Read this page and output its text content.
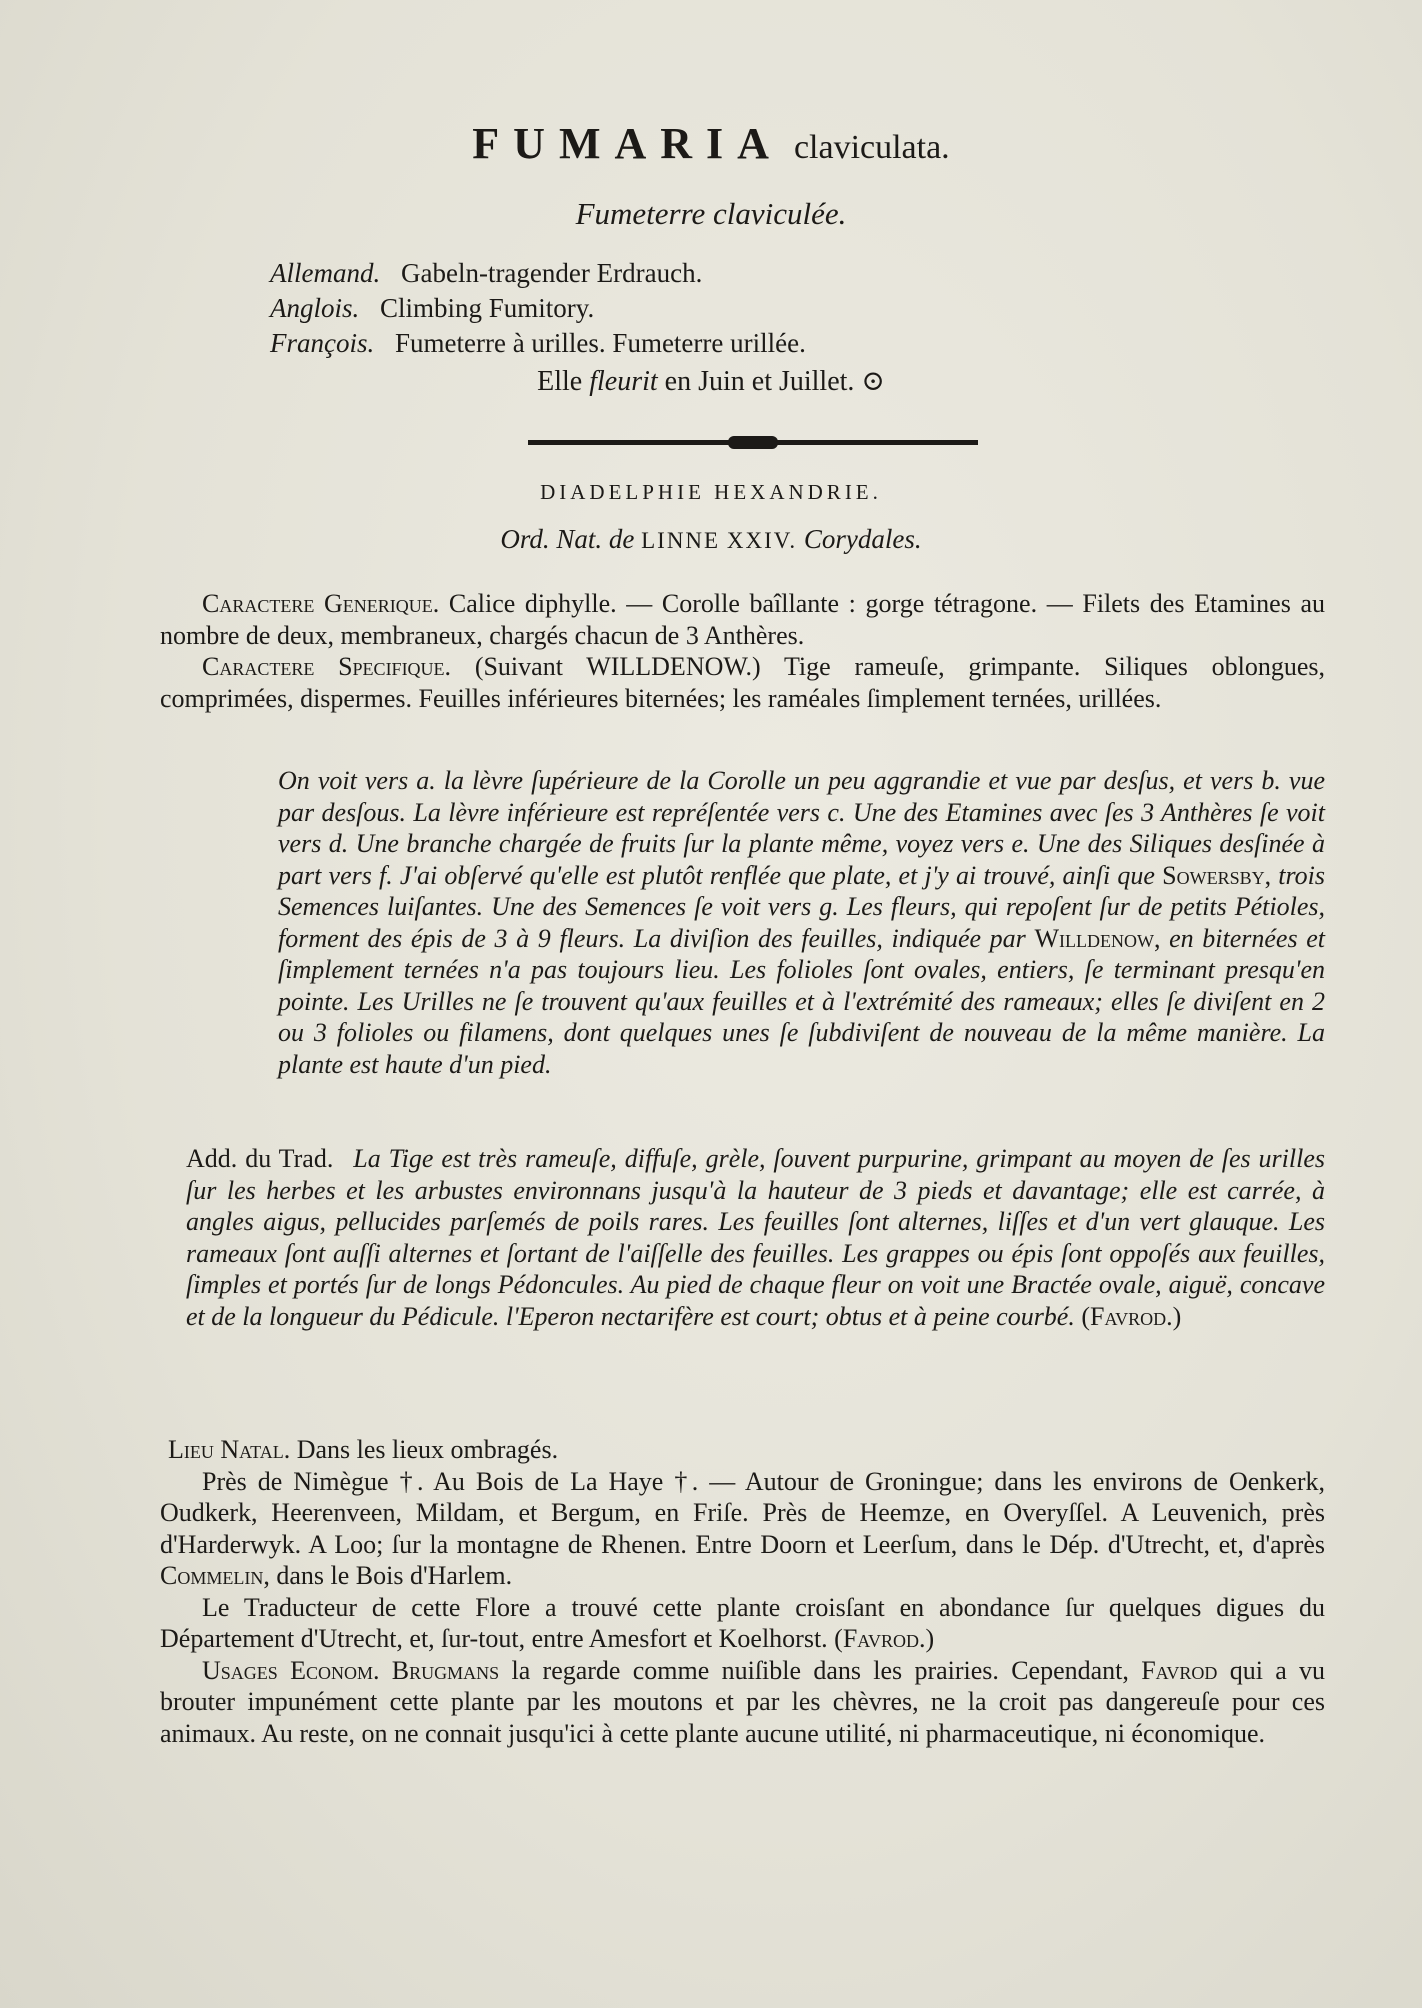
FUMARIA claviculata.
Fumeterre claviculée.
Allemand. Gabeln-tragender Erdrauch.
Anglois. Climbing Fumitory.
François. Fumeterre à urilles. Fumeterre urillée.
Elle fleurit en Juin et Juillet. ⊙
DIADELPHIE HEXANDRIE.
Ord. Nat. de LINNE XXIV. Corydales.

Caractere Generique. Calice diphylle. — Corolle baîllante : gorge tétragone. — Filets des Etamines au nombre de deux, membraneux, chargés chacun de 3 Anthères.

Caractere Specifique. (Suivant WILLDENOW.) Tige rameuſe, grimpante. Siliques oblongues, comprimées, dispermes. Feuilles inférieures biternées; les raméales ſimplement ternées, urillées.

On voit vers a. la lèvre ſupérieure de la Corolle un peu aggrandie et vue par desſus, et vers b. vue par desſous. La lèvre inférieure est repréſentée vers c. Une des Etamines avec ſes 3 Anthères ſe voit vers d. Une branche chargée de fruits ſur la plante même, voyez vers e. Une des Siliques desſinée à part vers f. J'ai obſervé qu'elle est plutôt renflée que plate, et j'y ai trouvé, ainſi que Sowersby, trois Semences luiſantes. Une des Semences ſe voit vers g. Les fleurs, qui repoſent ſur de petits Pétioles, forment des épis de 3 à 9 fleurs. La diviſion des feuilles, indiquée par Willdenow, en biternées et ſimplement ternées n'a pas toujours lieu. Les folioles ſont ovales, entiers, ſe terminant presqu'en pointe. Les Urilles ne ſe trouvent qu'aux feuilles et à l'extrémité des rameaux; elles ſe diviſent en 2 ou 3 folioles ou filamens, dont quelques unes ſe ſubdiviſent de nouveau de la même manière. La plante est haute d'un pied.
Add. du Trad. La Tige est très rameuſe, diffuſe, grèle, ſouvent purpurine, grimpant au moyen de ſes urilles ſur les herbes et les arbustes environnans jusqu'à la hauteur de 3 pieds et davantage; elle est carrée, à angles aigus, pellucides parſemés de poils rares. Les feuilles ſont alternes, liſſes et d'un vert glauque. Les rameaux ſont auſſi alternes et ſortant de l'aiſſelle des feuilles. Les grappes ou épis ſont oppoſés aux feuilles, ſimples et portés ſur de longs Pédoncules. Au pied de chaque fleur on voit une Bractée ovale, aiguë, concave et de la longueur du Pédicule. l'Eperon nectarifère est court; obtus et à peine courbé. (Favrod.)

Lieu Natal. Dans les lieux ombragés.

Près de Nimègue †. Au Bois de La Haye †. — Autour de Groningue; dans les environs de Oenkerk, Oudkerk, Heerenveen, Mildam, et Bergum, en Friſe. Près de Heemze, en Overyſſel. A Leuvenich, près d'Harderwyk. A Loo; ſur la montagne de Rhenen. Entre Doorn et Leerſum, dans le Dép. d'Utrecht, et, d'après Commelin, dans le Bois d'Harlem.

Le Traducteur de cette Flore a trouvé cette plante croisſant en abondance ſur quelques digues du Département d'Utrecht, et, ſur-tout, entre Amesfort et Koelhorst. (Favrod.)

Usages Econom. Brugmans la regarde comme nuiſible dans les prairies. Cependant, Favrod qui a vu brouter impunément cette plante par les moutons et par les chèvres, ne la croit pas dangereuſe pour ces animaux. Au reste, on ne connait jusqu'ici à cette plante aucune utilité, ni pharmaceutique, ni économique.
